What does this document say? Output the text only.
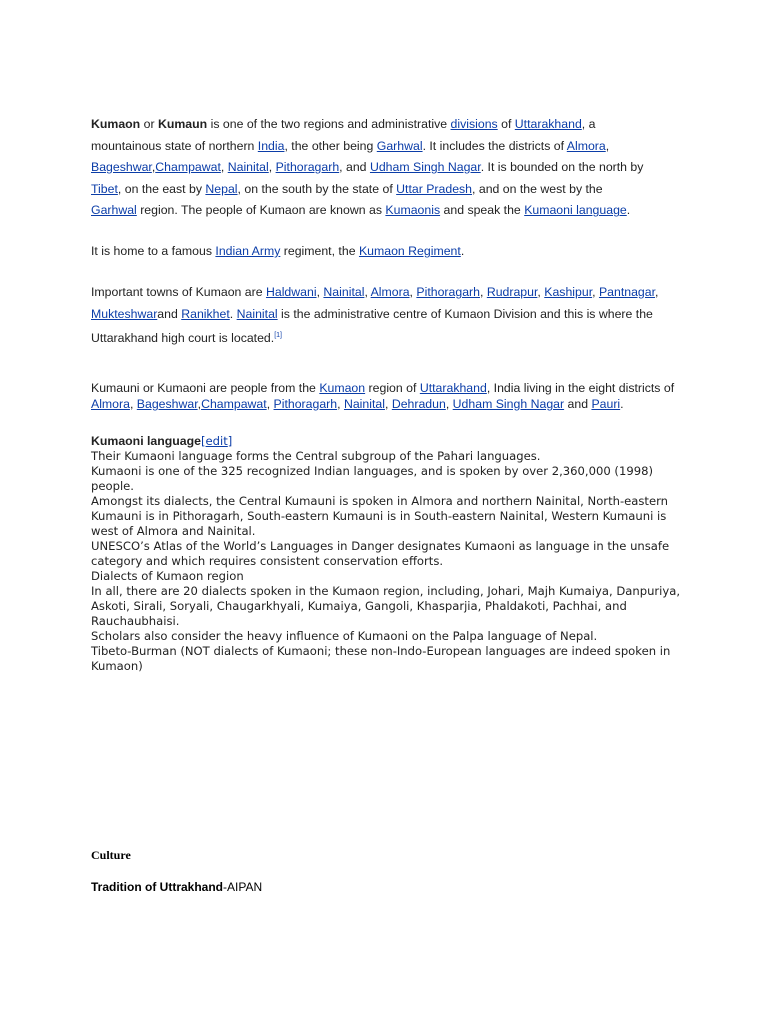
Kumaon or Kumaun is one of the two regions and administrative divisions of Uttarakhand, a mountainous state of northern India, the other being Garhwal. It includes the districts of Almora, Bageshwar,Champawat, Nainital, Pithoragarh, and Udham Singh Nagar. It is bounded on the north by Tibet, on the east by Nepal, on the south by the state of Uttar Pradesh, and on the west by the Garhwal region. The people of Kumaon are known as Kumaonis and speak the Kumaoni language.
It is home to a famous Indian Army regiment, the Kumaon Regiment.
Important towns of Kumaon are Haldwani, Nainital, Almora, Pithoragarh, Rudrapur, Kashipur, Pantnagar, Mukteshwarand Ranikhet. Nainital is the administrative centre of Kumaon Division and this is where the Uttarakhand high court is located.[1]
Kumauni or Kumaoni are people from the Kumaon region of Uttarakhand, India living in the eight districts of Almora, Bageshwar,Champawat, Pithoragarh, Nainital, Dehradun, Udham Singh Nagar and Pauri.
Kumaoni language[edit]
Their Kumaoni language forms the Central subgroup of the Pahari languages.
Kumaoni is one of the 325 recognized Indian languages, and is spoken by over 2,360,000 (1998) people.
Amongst its dialects, the Central Kumauni is spoken in Almora and northern Nainital, North-eastern Kumauni is in Pithoragarh, South-eastern Kumauni is in South-eastern Nainital, Western Kumauni is west of Almora and Nainital.
UNESCO’s Atlas of the World’s Languages in Danger designates Kumaoni as language in the unsafe category and which requires consistent conservation efforts.
Dialects of Kumaon region
In all, there are 20 dialects spoken in the Kumaon region, including, Johari, Majh Kumaiya, Danpuriya, Askoti, Sirali, Soryali, Chaugarkhyali, Kumaiya, Gangoli, Khasparjia, Phaldakoti, Pachhai, and Rauchaubhaisi.
Scholars also consider the heavy influence of Kumaoni on the Palpa language of Nepal.
Tibeto-Burman (NOT dialects of Kumaoni; these non-Indo-European languages are indeed spoken in Kumaon)
Culture
Tradition of Uttrakhand-AIPAN
